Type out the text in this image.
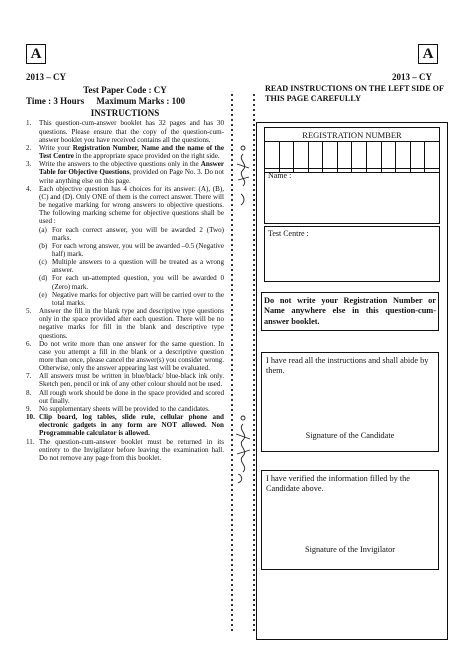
A
2013 – CY
Test Paper Code : CY
Time : 3 Hours Maximum Marks : 100
INSTRUCTIONS
1. This question-cum-answer booklet has 32 pages and has 30 questions. Please ensure that the copy of the question-cum-answer booklet you have received contains all the questions.
2. Write your Registration Number, Name and the name of the Test Centre in the appropriate space provided on the right side.
3. Write the answers to the objective questions only in the Answer Table for Objective Questions, provided on Page No. 3. Do not write anything else on this page.
4. Each objective question has 4 choices for its answer: (A), (B), (C) and (D). Only ONE of them is the correct answer. There will be negative marking for wrong answers to objective questions. The following marking scheme for objective questions shall be used :
(a) For each correct answer, you will be awarded 2 (Two) marks.
(b) For each wrong answer, you will be awarded –0.5 (Negative half) mark.
(c) Multiple answers to a question will be treated as a wrong answer.
(d) For each un-attempted question, you will be awarded 0 (Zero) mark.
(e) Negative marks for objective part will be carried over to the total marks.
5. Answer the fill in the blank type and descriptive type questions only in the space provided after each question. There will be no negative marks for fill in the blank and descriptive type questions.
6. Do not write more than one answer for the same question. In case you attempt a fill in the blank or a descriptive question more than once, please cancel the answer(s) you consider wrong. Otherwise, only the answer appearing last will be evaluated.
7. All answers must be written in blue/black/ blue-black ink only. Sketch pen, pencil or ink of any other colour should not be used.
8. All rough work should be done in the space provided and scored out finally.
9. No supplementary sheets will be provided to the candidates.
10. Clip board, log tables, slide rule, cellular phone and electronic gadgets in any form are NOT allowed. Non Programmable calculator is allowed.
11. The question-cum-answer booklet must be returned in its entirety to the Invigilator before leaving the examination hall. Do not remove any page from this booklet.
A
2013 – CY
READ INSTRUCTIONS ON THE LEFT SIDE OF THIS PAGE CAREFULLY
REGISTRATION NUMBER

Name :
Test Centre :
Do not write your Registration Number or Name anywhere else in this question-cum-answer booklet.
I have read all the instructions and shall abide by them.
Signature of the Candidate
I have verified the information filled by the Candidate above.
Signature of the Invigilator
